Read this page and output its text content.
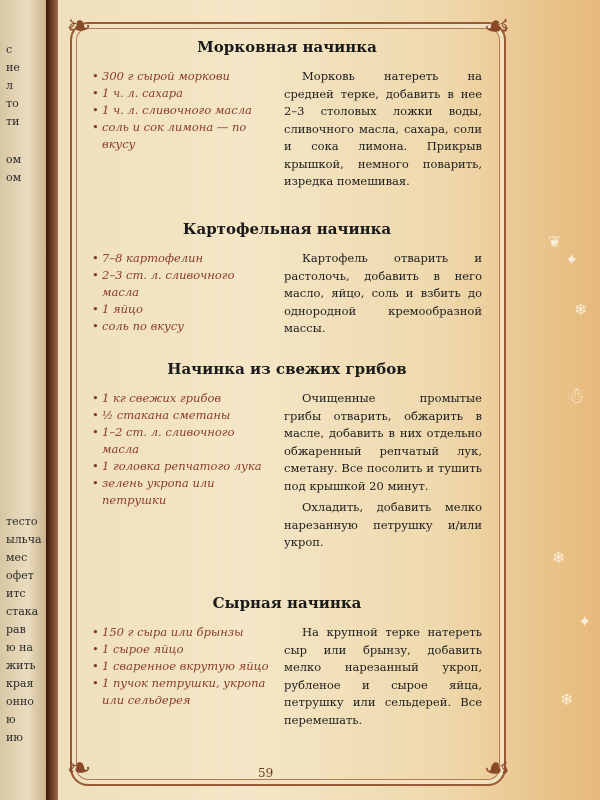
с
не
л
то
ти
ом
ом
тесто
ыльча
мес
офет
итс
стака
рав
ю на
жить
края
онно
ю
ию
✦
❦
❄
☃
❄
✦
❄
❧	☙
❧	☙
Морковная начинка
• 300 г сырой моркови
• 1 ч. л. сахара
• 1 ч. л. сливочного масла
• соль и сок лимона — по вкусу

Морковь натереть на средней терке, добавить в нее 2–3 столовых ложки воды, сливочного масла, сахара, соли и сока лимона. Прикрыв крышкой, немного поварить, изредка помешивая.

Картофельная начинка
• 7–8 картофелин
• 2–3 ст. л. сливочного масла
• 1 яйцо
• соль по вкусу

Картофель отварить и растолочь, добавить в него масло, яйцо, соль и взбить до однородной кремообразной массы.

Начинка из свежих грибов
• 1 кг свежих грибов
• ½ стакана сметаны
• 1–2 ст. л. сливочного масла
• 1 головка репчатого лука
• зелень укропа или петрушки

Очищенные промытые грибы отварить, обжарить в масле, добавить в них отдельно обжаренный репчатый лук, сметану. Все посолить и тушить под крышкой 20 минут.

Охладить, добавить мелко нарезанную петрушку и/или укроп.

Сырная начинка
• 150 г сыра или брынзы
• 1 сырое яйцо
• 1 сваренное вкрутую яйцо
• 1 пучок петрушки, укропа или сельдерея

На крупной терке натереть сыр или брынзу, добавить мелко нарезанный укроп, рубленое и сырое яйца, петрушку или сельдерей. Все перемешать.

59
